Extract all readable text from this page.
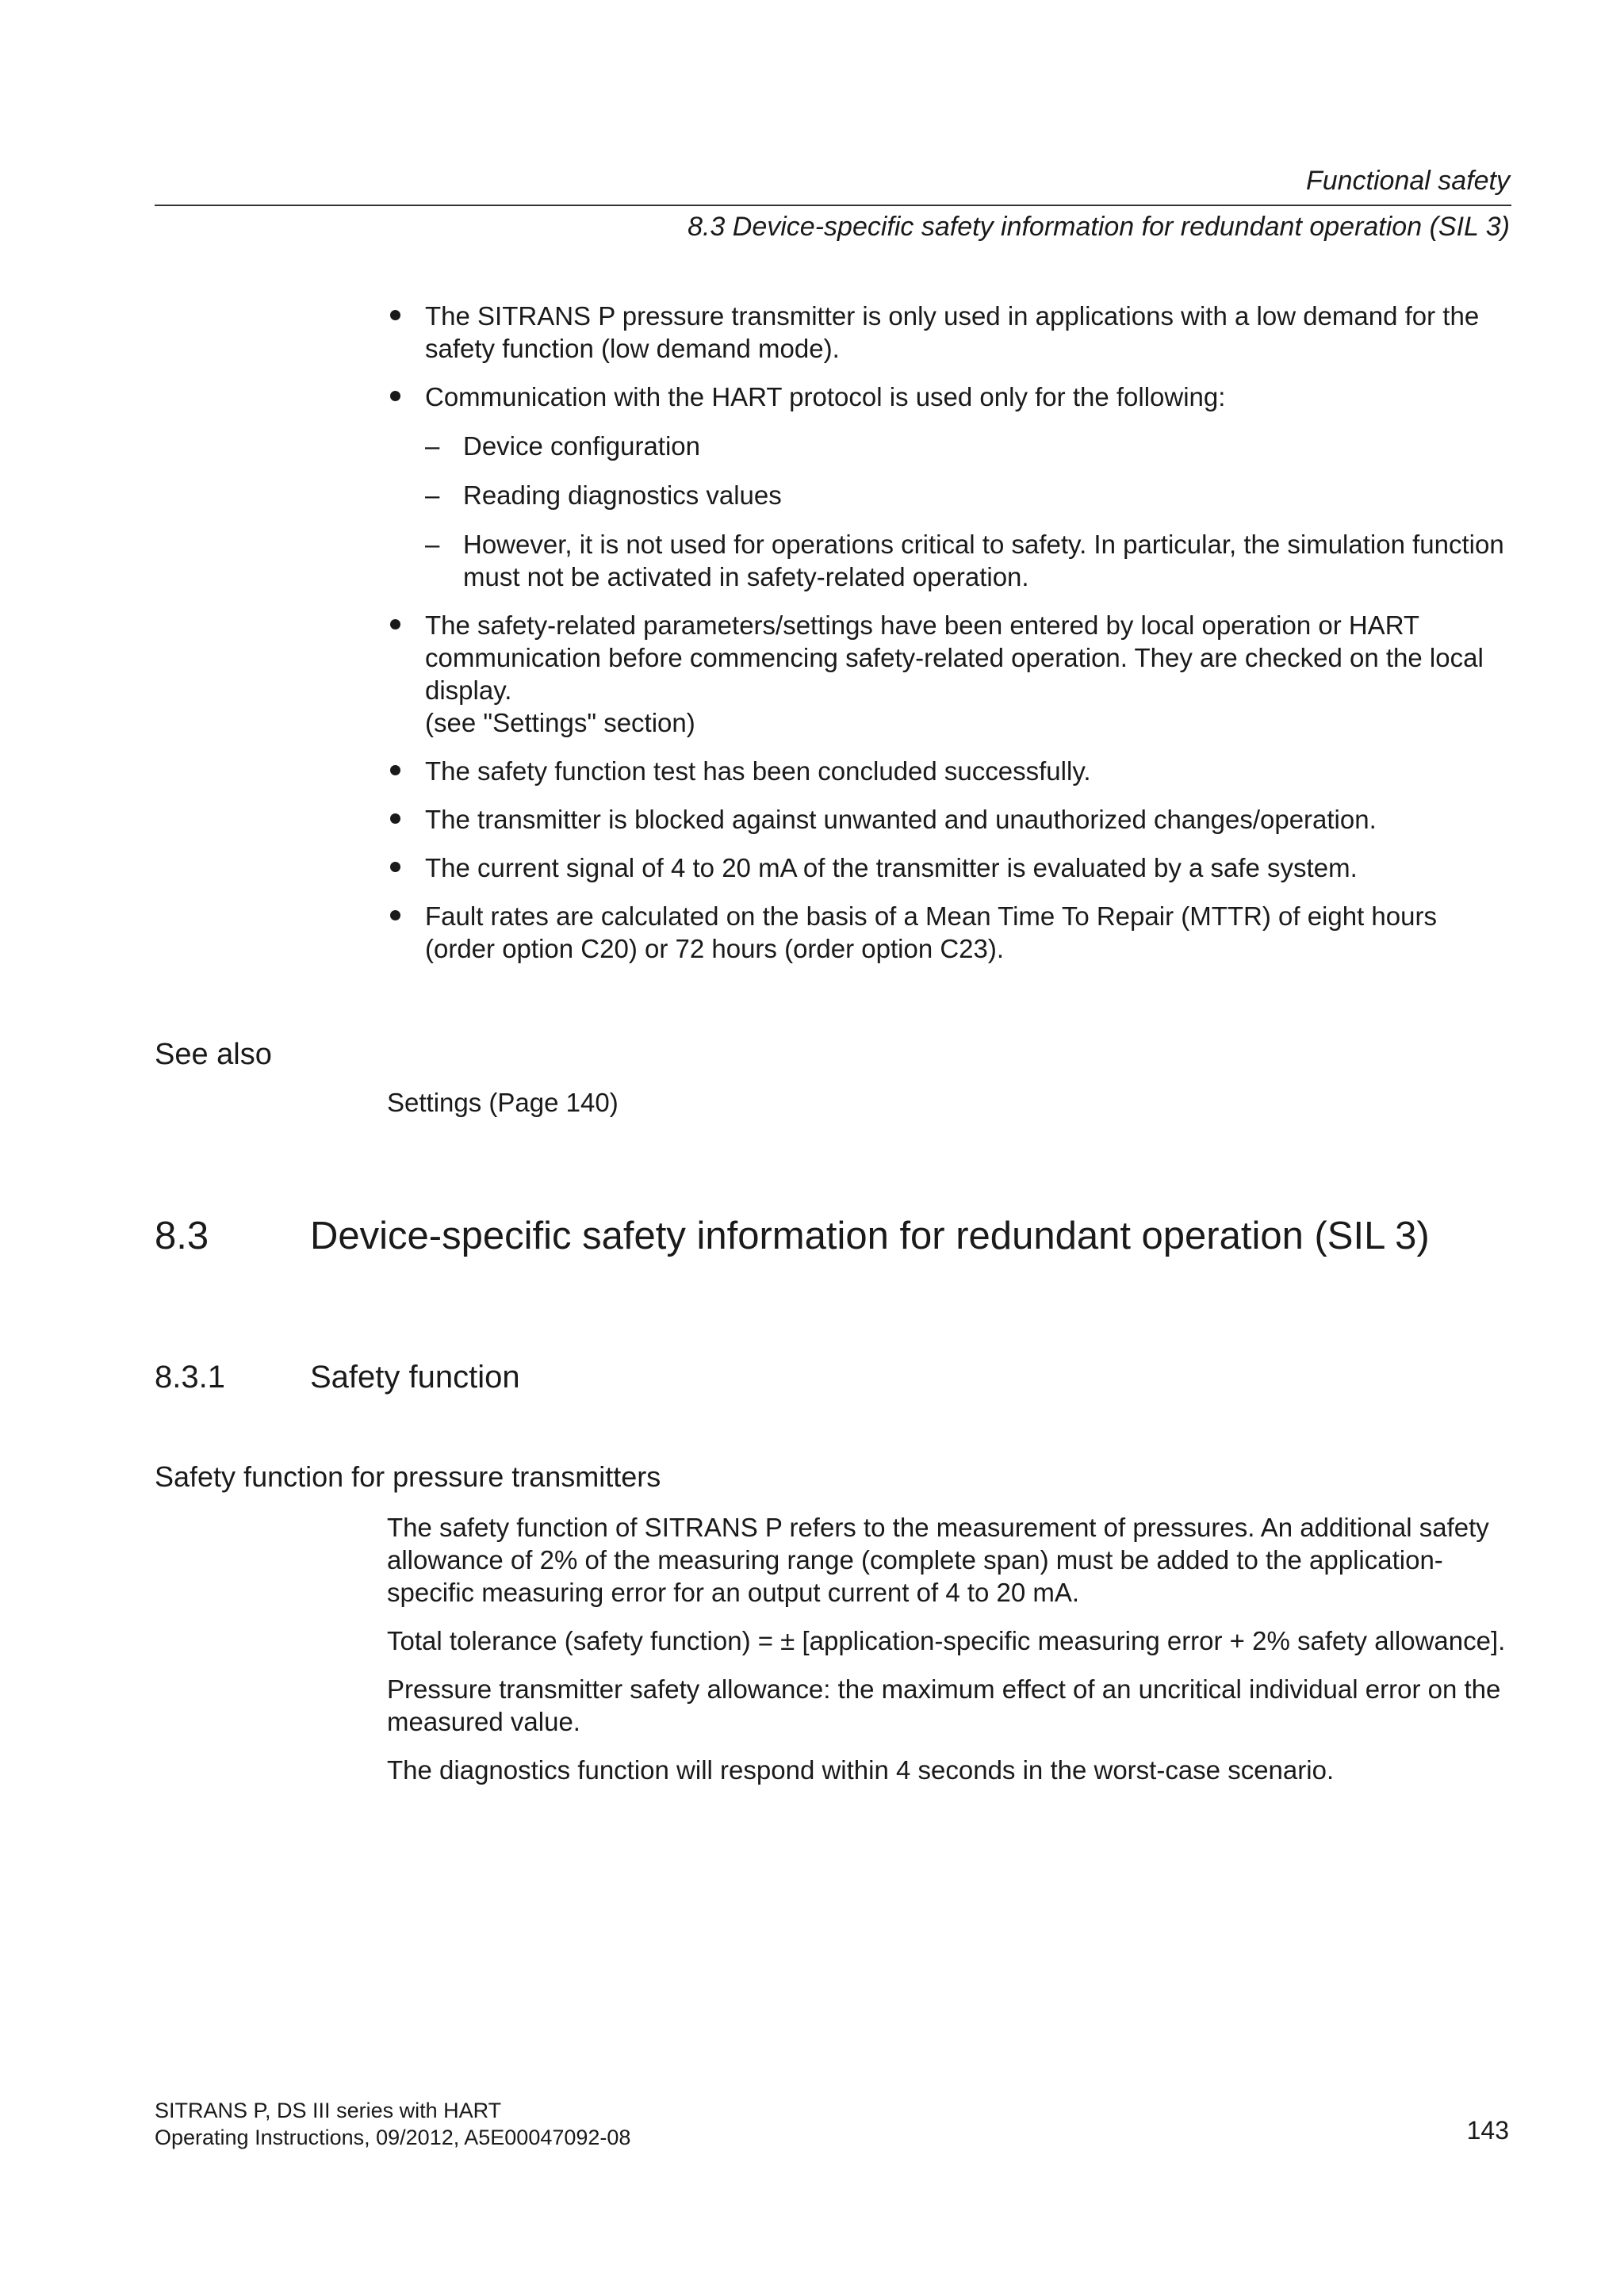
Functional safety
8.3 Device-specific safety information for redundant operation (SIL 3)
The SITRANS P pressure transmitter is only used in applications with a low demand for the safety function (low demand mode).
Communication with the HART protocol is used only for the following:
– Device configuration
– Reading diagnostics values
– However, it is not used for operations critical to safety. In particular, the simulation function must not be activated in safety-related operation.
The safety-related parameters/settings have been entered by local operation or HART communication before commencing safety-related operation. They are checked on the local display.
(see "Settings" section)
The safety function test has been concluded successfully.
The transmitter is blocked against unwanted and unauthorized changes/operation.
The current signal of 4 to 20 mA of the transmitter is evaluated by a safe system.
Fault rates are calculated on the basis of a Mean Time To Repair (MTTR) of eight hours (order option C20) or 72 hours (order option C23).
See also
Settings (Page 140)
8.3	Device-specific safety information for redundant operation (SIL 3)
8.3.1	Safety function
Safety function for pressure transmitters

The safety function of SITRANS P refers to the measurement of pressures. An additional safety allowance of 2% of the measuring range (complete span) must be added to the application-specific measuring error for an output current of 4 to 20 mA.

Total tolerance (safety function) = ± [application-specific measuring error + 2% safety allowance].

Pressure transmitter safety allowance: the maximum effect of an uncritical individual error on the measured value.

The diagnostics function will respond within 4 seconds in the worst-case scenario.

SITRANS P, DS III series with HART
Operating Instructions, 09/2012, A5E00047092-08	143
